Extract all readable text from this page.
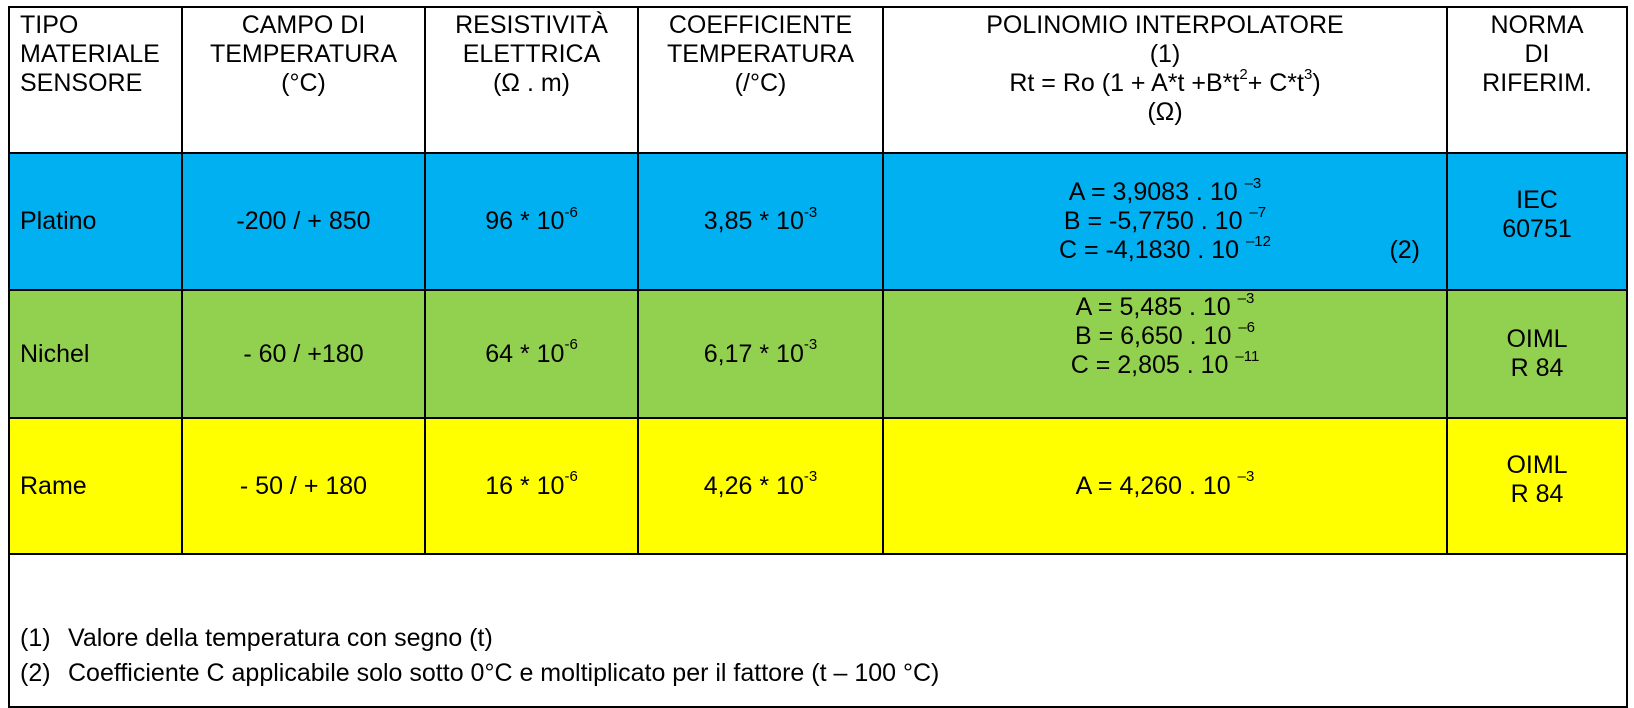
TIPO
MATERIALE
SENSORE	CAMPO DI
TEMPERATURA
(°C)	RESISTIVITÀ
ELETTRICA
(Ω . m)	COEFFICIENTE
TEMPERATURA
(/°C)	POLINOMIO INTERPOLATORE
(1)
Rt = Ro $(1 + A*t +B*t^2+ C*t^3)$
(Ω)	NORMA
DI
RIFERIM.

Platino	-200 / + 850	$96 * 10^{-6}$	$3,85 * 10^{-3}$	A = 3,9083 . 10 $^{-3}$
B = -5,7750 . 10 $^{-7}$
C = -4,1830 . 10 $^{-12}$ (2)	IEC
60751

Nichel	- 60 / +180	$64 * 10^{-6}$	$6,17 * 10^{-3}$	A = 5,485 . 10 $^{-3}$
B = 6,650 . 10 $^{-6}$
C = 2,805 . 10 $^{-11}$	OIML
R 84

Rame	- 50 / + 180	$16 * 10^{-6}$	$4,26 * 10^{-3}$	A = 4,260 . 10 $^{-3}$	OIML
R 84

(1) Valore della temperatura con segno (t)
(2) Coefficiente C applicabile solo sotto 0°C e moltiplicato per il fattore (t – 100 °C)					
